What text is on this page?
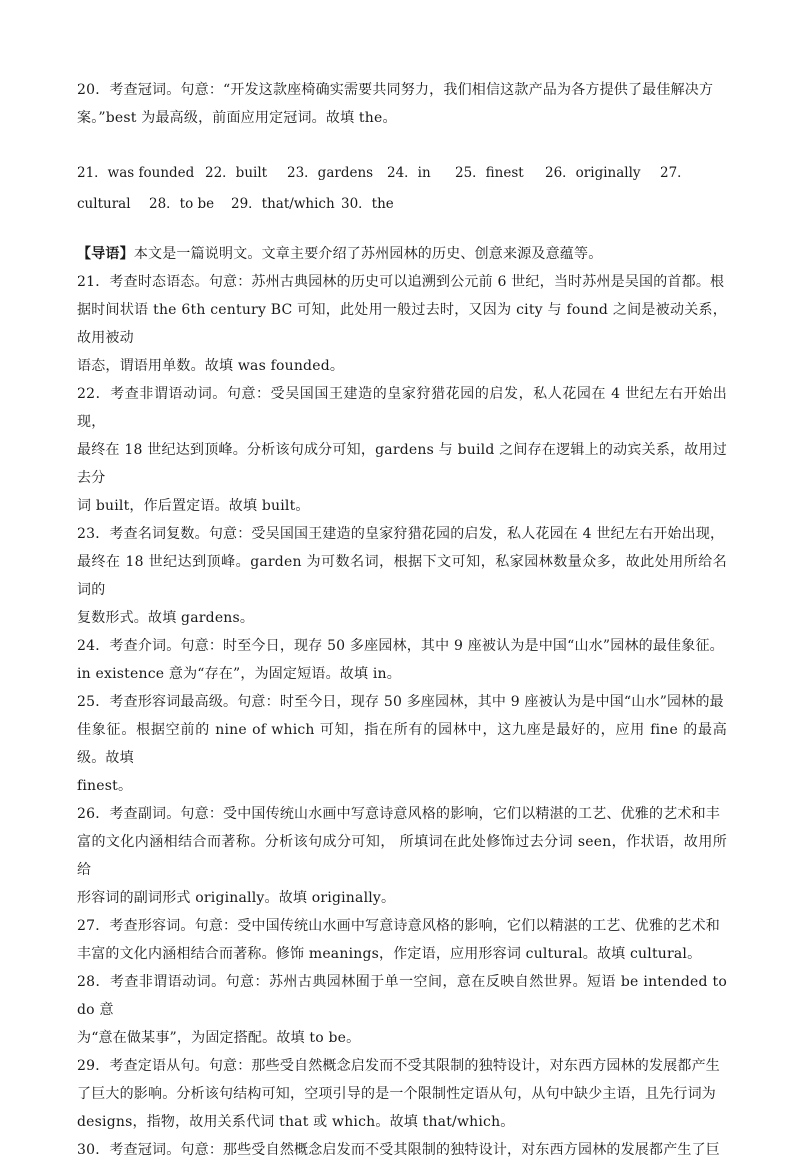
20．考查冠词。句意：“开发这款座椅确实需要共同努力，我们相信这款产品为各方提供了最佳解决方

案。”best 为最高级，前面应用定冠词。故填 the。

21．was founded 22．built	23．gardens	24．in	25．finest	26．originally	27．
cultural	28．to be	29．that/which 30．the

【导语】本文是一篇说明文。文章主要介绍了苏州园林的历史、创意来源及意蕴等。

21．考查时态语态。句意：苏州古典园林的历史可以追溯到公元前 6 世纪，当时苏州是吴国的首都。根

据时间状语 the 6th century BC 可知，此处用一般过去时，又因为 city 与 found 之间是被动关系，故用被动

语态，谓语用单数。故填 was founded。

22．考查非谓语动词。句意：受吴国国王建造的皇家狩猎花园的启发，私人花园在 4 世纪左右开始出现，

最终在 18 世纪达到顶峰。分析该句成分可知，gardens 与 build 之间存在逻辑上的动宾关系，故用过去分

词 built，作后置定语。故填 built。

23．考查名词复数。句意：受吴国国王建造的皇家狩猎花园的启发，私人花园在 4 世纪左右开始出现，

最终在 18 世纪达到顶峰。garden 为可数名词，根据下文可知，私家园林数量众多，故此处用所给名词的

复数形式。故填 gardens。

24．考查介词。句意：时至今日，现存 50 多座园林，其中 9 座被认为是中国“山水”园林的最佳象征。

in existence 意为“存在”，为固定短语。故填 in。

25．考查形容词最高级。句意：时至今日，现存 50 多座园林，其中 9 座被认为是中国“山水”园林的最

佳象征。根据空前的 nine of which 可知，指在所有的园林中，这九座是最好的，应用 fine 的最高级。故填

finest。

26．考查副词。句意：受中国传统山水画中写意诗意风格的影响，它们以精湛的工艺、优雅的艺术和丰

富的文化内涵相结合而著称。分析该句成分可知， 所填词在此处修饰过去分词 seen，作状语，故用所给

形容词的副词形式 originally。故填 originally。

27．考查形容词。句意：受中国传统山水画中写意诗意风格的影响，它们以精湛的工艺、优雅的艺术和

丰富的文化内涵相结合而著称。修饰 meanings，作定语，应用形容词 cultural。故填 cultural。

28．考查非谓语动词。句意：苏州古典园林囿于单一空间，意在反映自然世界。短语 be intended to do 意

为“意在做某事”，为固定搭配。故填 to be。

29．考查定语从句。句意：那些受自然概念启发而不受其限制的独特设计，对东西方园林的发展都产生

了巨大的影响。分析该句结构可知，空项引导的是一个限制性定语从句，从句中缺少主语，且先行词为

designs，指物，故用关系代词 that 或 which。故填 that/which。

30．考查冠词。句意：那些受自然概念启发而不受其限制的独特设计，对东西方园林的发展都产生了巨
